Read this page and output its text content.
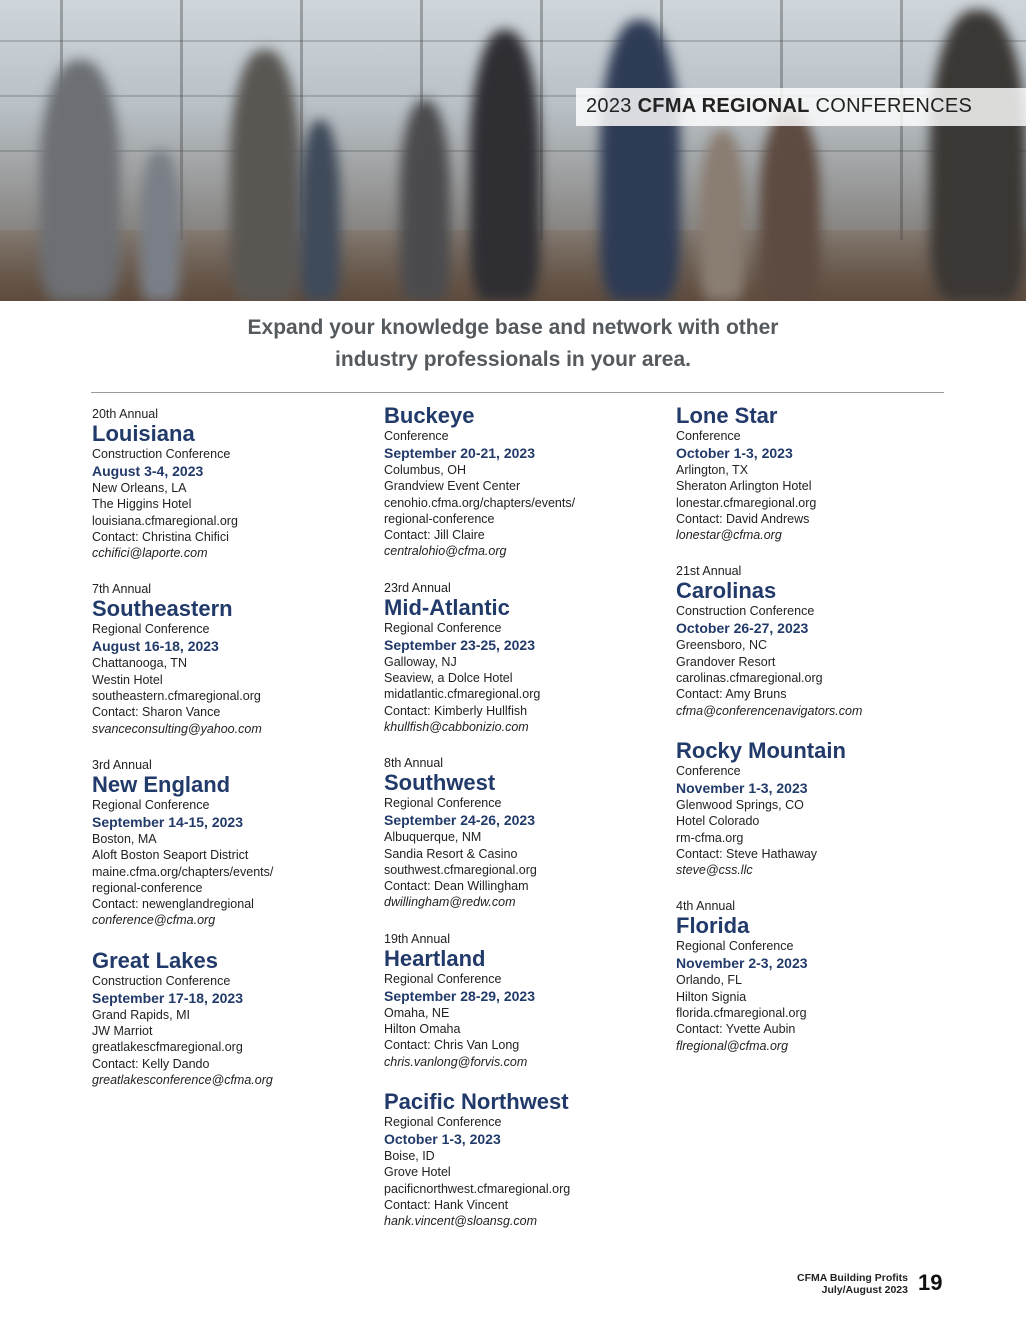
2023 CFMA REGIONAL CONFERENCES
Expand your knowledge base and network with other
industry professionals in your area.
20th Annual
Louisiana
Construction Conference
August 3-4, 2023
New Orleans, LA
The Higgins Hotel
louisiana.cfmaregional.org
Contact: Christina Chifici
cchifici@laporte.com
7th Annual
Southeastern
Regional Conference
August 16-18, 2023
Chattanooga, TN
Westin Hotel
southeastern.cfmaregional.org
Contact: Sharon Vance
svanceconsulting@yahoo.com
3rd Annual
New England
Regional Conference
September 14-15, 2023
Boston, MA
Aloft Boston Seaport District
maine.cfma.org/chapters/events/
regional-conference
Contact: newenglandregional
conference@cfma.org
Great Lakes
Construction Conference
September 17-18, 2023
Grand Rapids, MI
JW Marriot
greatlakescfmaregional.org
Contact: Kelly Dando
greatlakesconference@cfma.org
Buckeye
Conference
September 20-21, 2023
Columbus, OH
Grandview Event Center
cenohio.cfma.org/chapters/events/
regional-conference
Contact: Jill Claire
centralohio@cfma.org
23rd Annual
Mid-Atlantic
Regional Conference
September 23-25, 2023
Galloway, NJ
Seaview, a Dolce Hotel
midatlantic.cfmaregional.org
Contact: Kimberly Hullfish
khullfish@cabbonizio.com
8th Annual
Southwest
Regional Conference
September 24-26, 2023
Albuquerque, NM
Sandia Resort & Casino
southwest.cfmaregional.org
Contact: Dean Willingham
dwillingham@redw.com
19th Annual
Heartland
Regional Conference
September 28-29, 2023
Omaha, NE
Hilton Omaha
Contact: Chris Van Long
chris.vanlong@forvis.com
Pacific Northwest
Regional Conference
October 1-3, 2023
Boise, ID
Grove Hotel
pacificnorthwest.cfmaregional.org
Contact: Hank Vincent
hank.vincent@sloansg.com
Lone Star
Conference
October 1-3, 2023
Arlington, TX
Sheraton Arlington Hotel
lonestar.cfmaregional.org
Contact: David Andrews
lonestar@cfma.org
21st Annual
Carolinas
Construction Conference
October 26-27, 2023
Greensboro, NC
Grandover Resort
carolinas.cfmaregional.org
Contact: Amy Bruns
cfma@conferencenavigators.com
Rocky Mountain
Conference
November 1-3, 2023
Glenwood Springs, CO
Hotel Colorado
rm-cfma.org
Contact: Steve Hathaway
steve@css.llc
4th Annual
Florida
Regional Conference
November 2-3, 2023
Orlando, FL
Hilton Signia
florida.cfmaregional.org
Contact: Yvette Aubin
flregional@cfma.org
CFMA Building Profits
July/August 2023 19
